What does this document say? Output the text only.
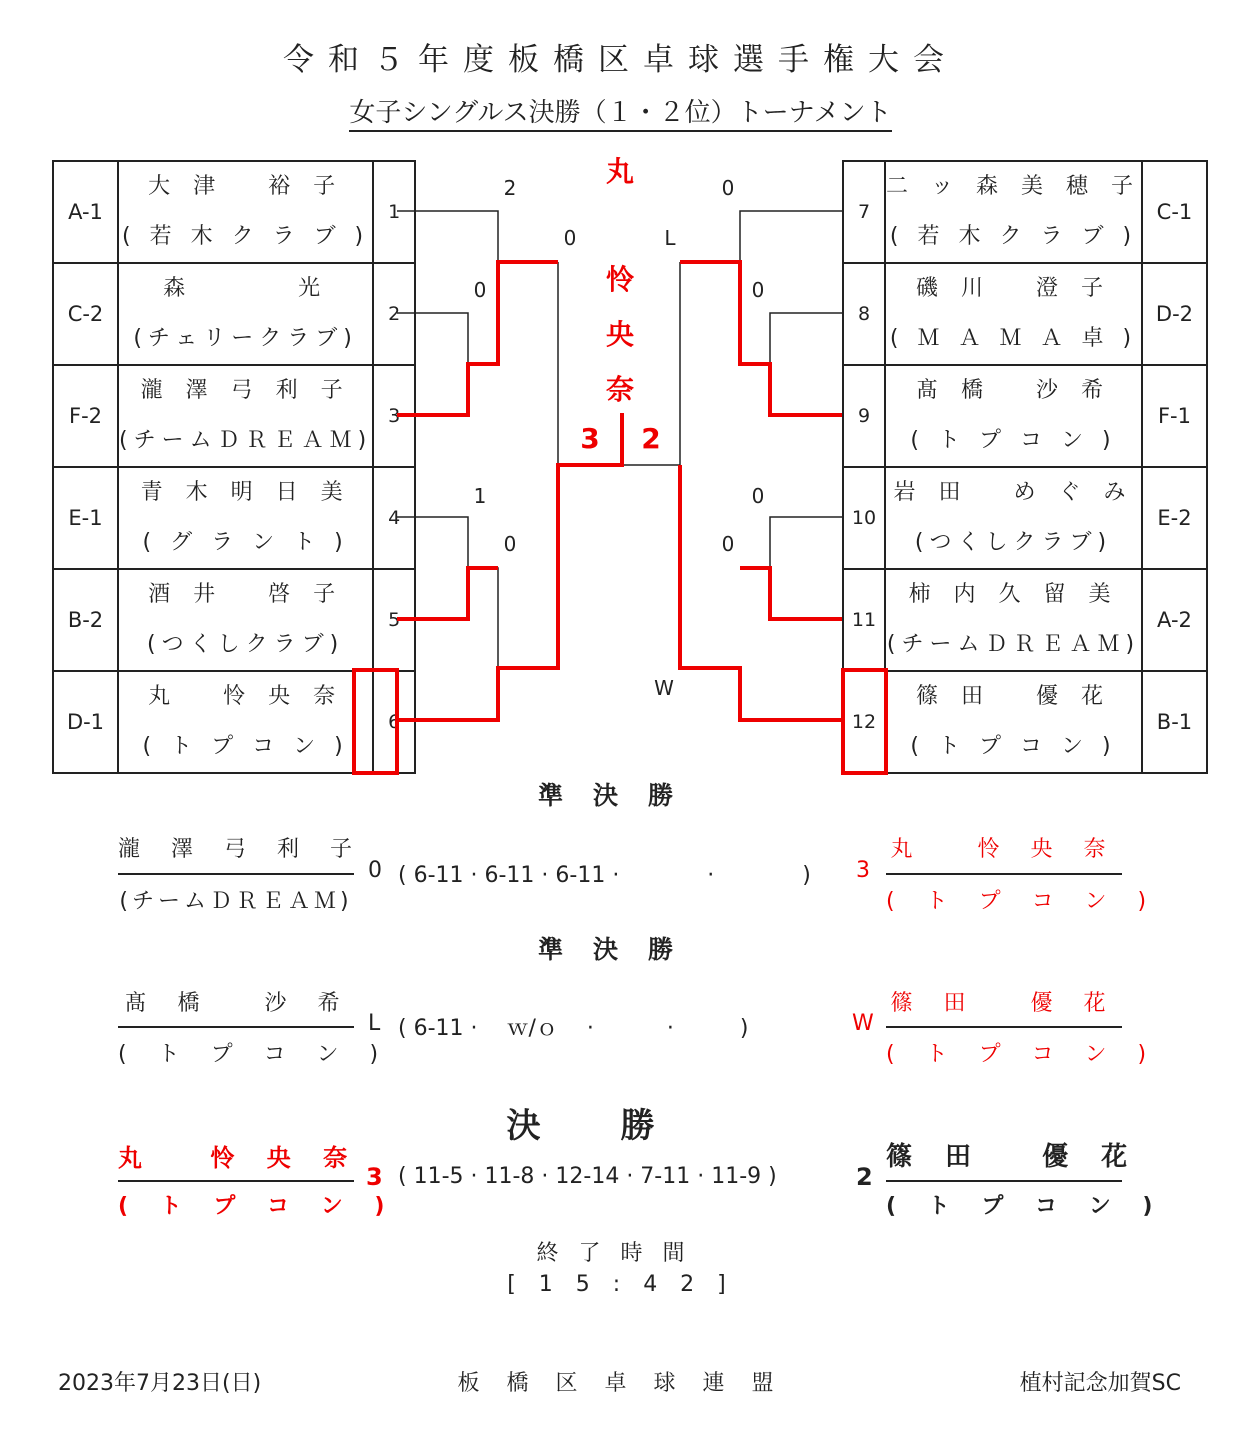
令和５年度板橋区卓球選手権大会
女子シングルス決勝（１・２位）トーナメント
A-1	大 津　 裕 子
( 若 木 ク ラ ブ )	1
C-2	森　　　 光
(チェリークラブ)	2
F-2	瀧 澤 弓 利 子
(チームＤＲＥＡＭ)	3
E-1	青 木 明 日 美
( グ ラ ン ト )	4
B-2	酒 井　 啓 子
(つくしクラブ)	5
D-1	丸　 怜 央 奈
( ト プ コ ン )	6
7	二 ッ 森 美 穂 子
( 若 木 ク ラ ブ )	C-1
8	磯 川　 澄 子
( Ｍ Ａ Ｍ Ａ 卓 )	D-2
9	髙 橋　 沙 希
( ト プ コ ン )	F-1
10	岩 田　 め ぐ み
(つくしクラブ)	E-2
11	柿 内 久 留 美
(チームＤＲＥＡＭ)	A-2
12	篠 田　 優 花
( ト プ コ ン )	B-1
2
0
0
1
0
0
0
0
0
L
W
丸
怜
央
奈
3	2
準決勝
瀧 澤 弓 利 子
(チームＤＲＥＡＭ)
0 ( 6-11 · 6-11 · 6-11 ·　　　　·　　　　) 3
丸　 怜 央 奈
( ト プ コ ン )
準決勝
髙 橋　 沙 希
( ト プ コ ン )
L ( 6-11 ·　 ｗ/ｏ　 ·　　　 ·　　　)	W
篠 田　 優 花
( ト プ コ ン )
決勝
丸　 怜 央 奈
( ト プ コ ン )
3 ( 11-5 · 11-8 · 12-14 · 7-11 · 11-9 )	2
篠 田　 優 花
( ト プ コ ン )
終了時間
[ 1 5 : 4 2 ]
2023年7月23日(日)	板 橋 区 卓 球 連 盟	植村記念加賀SC
